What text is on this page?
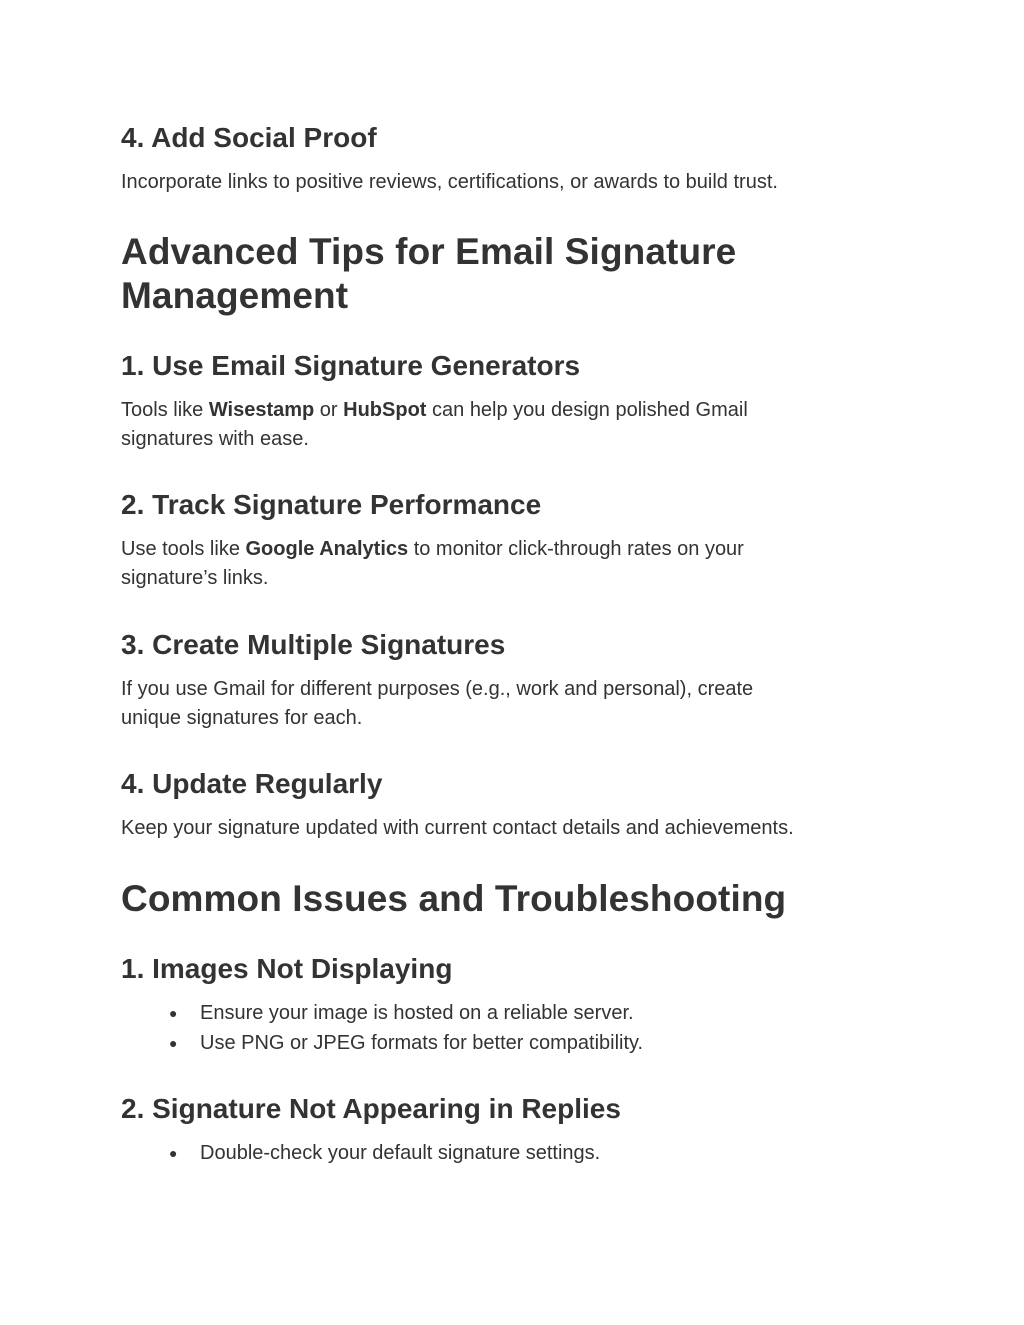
4. Add Social Proof

Incorporate links to positive reviews, certifications, or awards to build trust.

Advanced Tips for Email Signature
Management
1. Use Email Signature Generators

Tools like Wisestamp or HubSpot can help you design polished Gmail
signatures with ease.

2. Track Signature Performance

Use tools like Google Analytics to monitor click-through rates on your
signature’s links.

3. Create Multiple Signatures

If you use Gmail for different purposes (e.g., work and personal), create
unique signatures for each.

4. Update Regularly

Keep your signature updated with current contact details and achievements.

Common Issues and Troubleshooting
1. Images Not Displaying
● Ensure your image is hosted on a reliable server.
● Use PNG or JPEG formats for better compatibility.
2. Signature Not Appearing in Replies
● Double-check your default signature settings.
